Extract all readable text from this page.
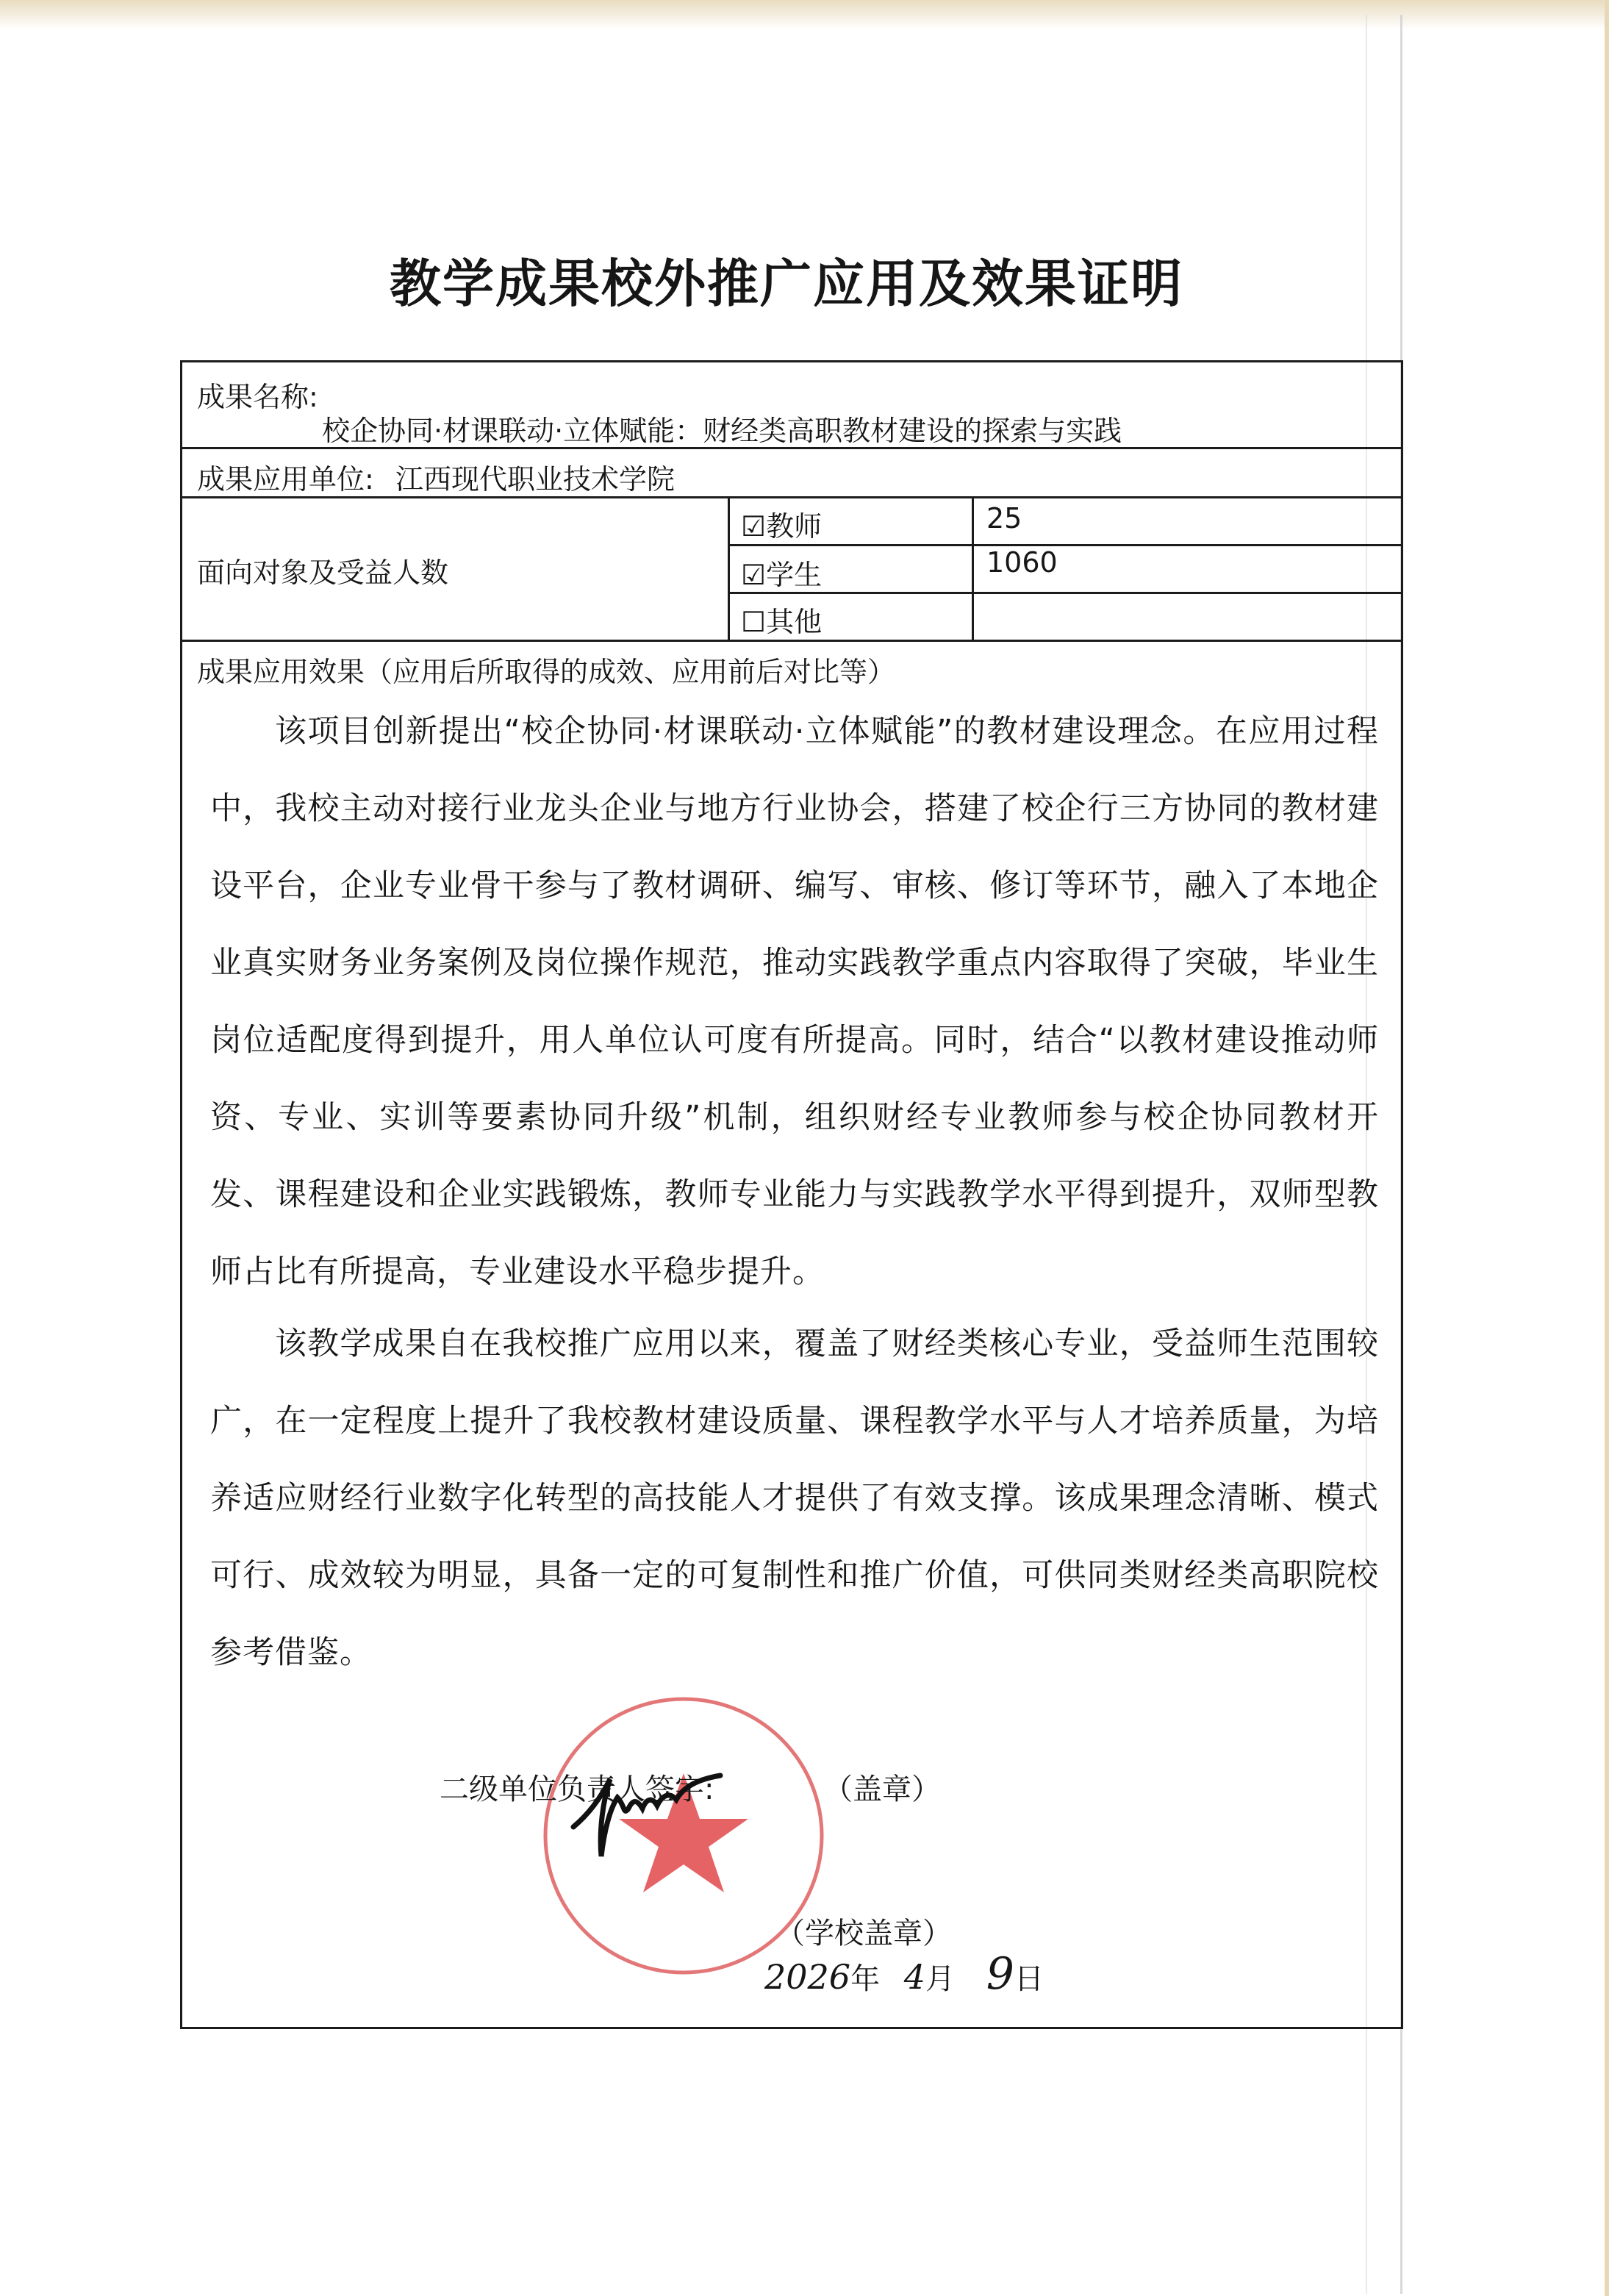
教学成果校外推广应用及效果证明
成果名称:
校企协同·材课联动·立体赋能：财经类高职教材建设的探索与实践
成果应用单位: 江西现代职业技术学院
面向对象及受益人数
☑教师	25
☑学生	1060
☐其他
成果应用效果（应用后所取得的成效、应用前后对比等）
该项目创新提出“校企协同·材课联动·立体赋能”的教材建设理念。在应用过程中，我校主动对接行业龙头企业与地方行业协会，搭建了校企行三方协同的教材建设平台，企业专业骨干参与了教材调研、编写、审核、修订等环节，融入了本地企业真实财务业务案例及岗位操作规范，推动实践教学重点内容取得了突破，毕业生岗位适配度得到提升，用人单位认可度有所提高。同时，结合“以教材建设推动师资、专业、实训等要素协同升级”机制，组织财经专业教师参与校企协同教材开发、课程建设和企业实践锻炼，教师专业能力与实践教学水平得到提升，双师型教师占比有所提高，专业建设水平稳步提升。
该教学成果自在我校推广应用以来，覆盖了财经类核心专业，受益师生范围较广，在一定程度上提升了我校教材建设质量、课程教学水平与人才培养质量，为培养适应财经行业数字化转型的高技能人才提供了有效支撑。该成果理念清晰、模式可行、成效较为明显，具备一定的可复制性和推广价值，可供同类财经类高职院校参考借鉴。
二级单位负责人签字:	（盖章）
（学校盖章）
2026年 4月 9日
